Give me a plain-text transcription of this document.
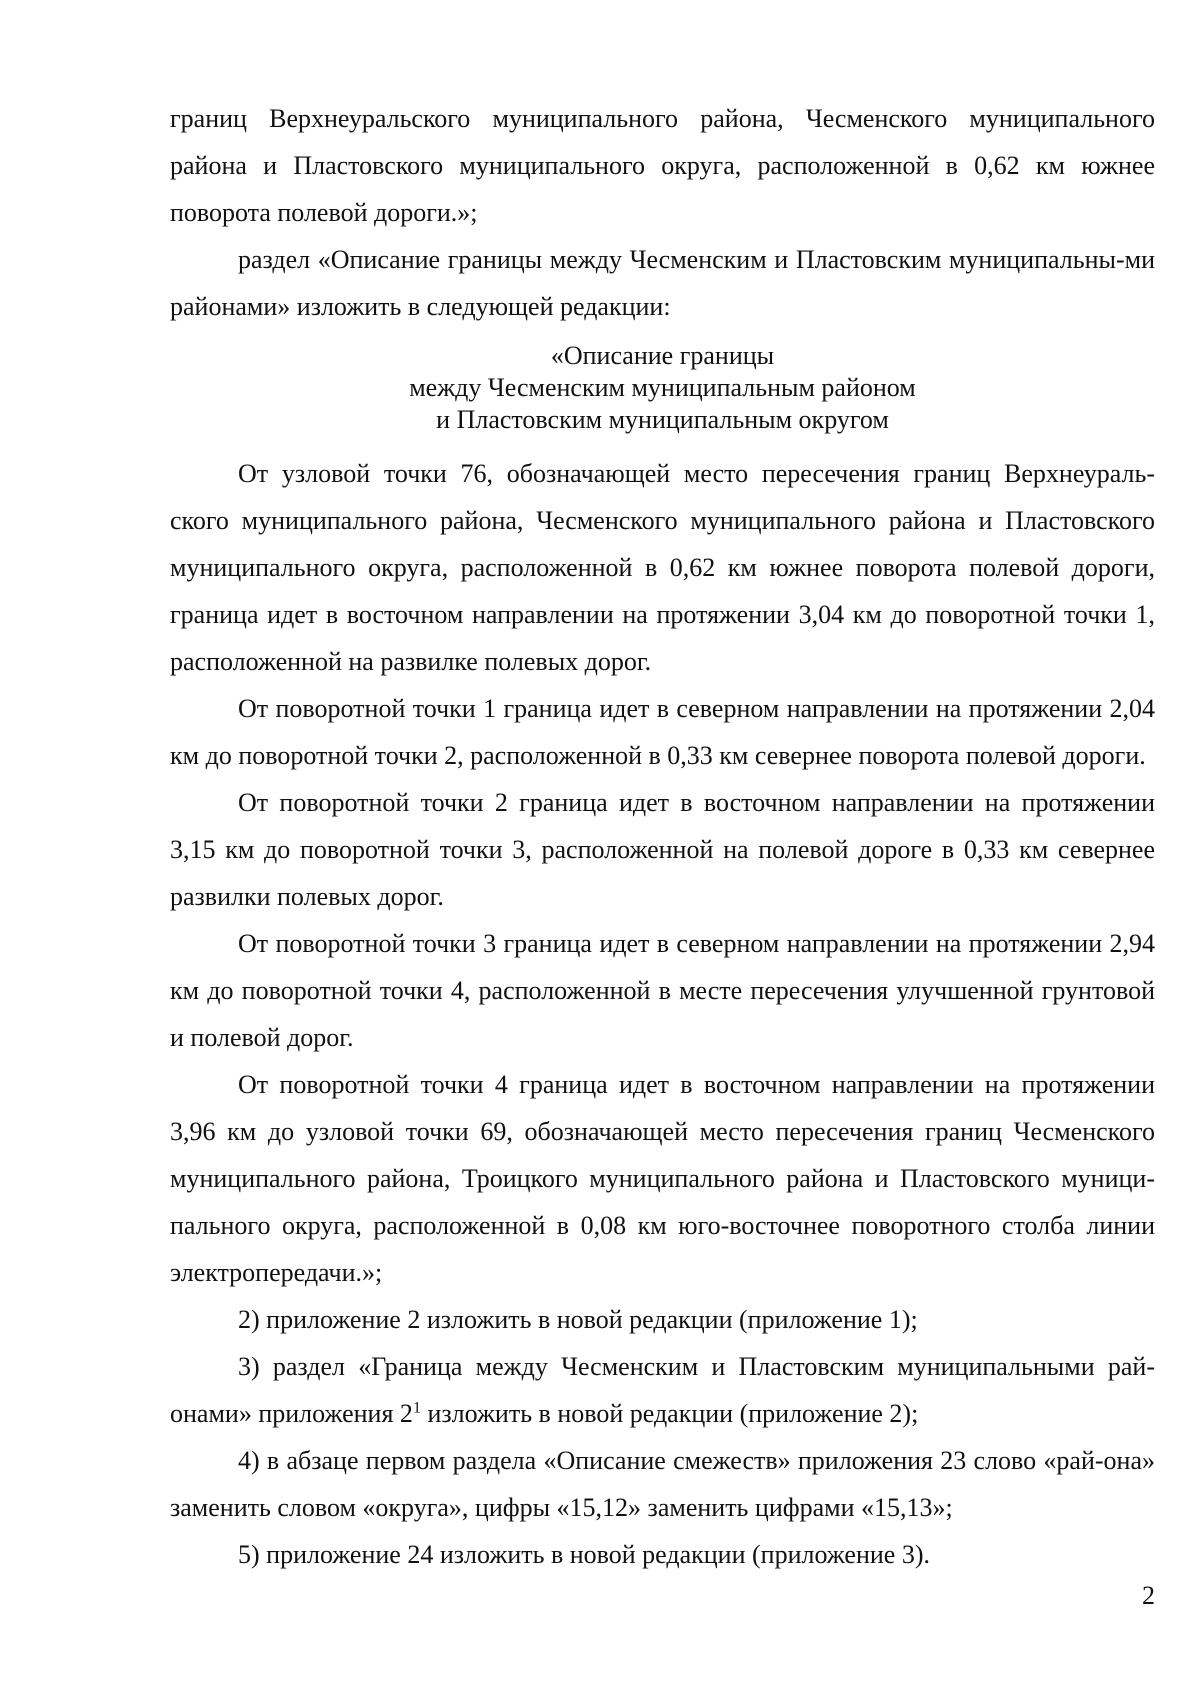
границ Верхнеуральского муниципального района, Чесменского муниципального района и Пластовского муниципального округа, расположенной в 0,62 км южнее поворота полевой дороги.»;

раздел «Описание границы между Чесменским и Пластовским муниципальны-ми районами» изложить в следующей редакции:

«Описание границы
между Чесменским муниципальным районом
и Пластовским муниципальным округом

От узловой точки 76, обозначающей место пересечения границ Верхнеураль-ского муниципального района, Чесменского муниципального района и Пластовского муниципального округа, расположенной в 0,62 км южнее поворота полевой дороги, граница идет в восточном направлении на протяжении 3,04 км до поворотной точки 1, расположенной на развилке полевых дорог.

От поворотной точки 1 граница идет в северном направлении на протяжении 2,04 км до поворотной точки 2, расположенной в 0,33 км севернее поворота полевой дороги.

От поворотной точки 2 граница идет в восточном направлении на протяжении 3,15 км до поворотной точки 3, расположенной на полевой дороге в 0,33 км севернее развилки полевых дорог.

От поворотной точки 3 граница идет в северном направлении на протяжении 2,94 км до поворотной точки 4, расположенной в месте пересечения улучшенной грунтовой и полевой дорог.

От поворотной точки 4 граница идет в восточном направлении на протяжении 3,96 км до узловой точки 69, обозначающей место пересечения границ Чесменского муниципального района, Троицкого муниципального района и Пластовского муници-пального округа, расположенной в 0,08 км юго-восточнее поворотного столба линии электропередачи.»;

2) приложение 2 изложить в новой редакции (приложение 1);

3) раздел «Граница между Чесменским и Пластовским муниципальными рай-онами» приложения $2^1$ изложить в новой редакции (приложение 2);

4) в абзаце первом раздела «Описание смежеств» приложения 23 слово «рай-она» заменить словом «округа», цифры «15,12» заменить цифрами «15,13»;

5) приложение 24 изложить в новой редакции (приложение 3).

2
